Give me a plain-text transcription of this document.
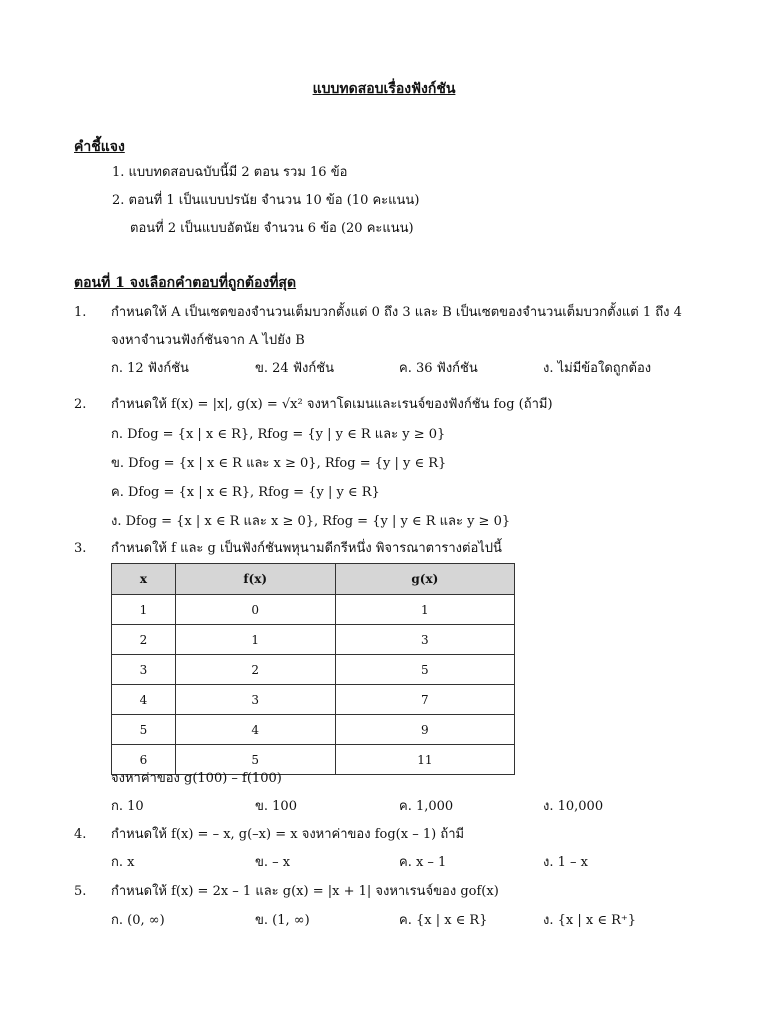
แบบทดสอบเรื่องฟังก์ชัน
คำชี้แจง
1. แบบทดสอบฉบับนี้มี 2 ตอน รวม 16 ข้อ
2. ตอนที่ 1 เป็นแบบปรนัย จำนวน 10 ข้อ (10 คะแนน)
ตอนที่ 2 เป็นแบบอัตนัย จำนวน 6 ข้อ (20 คะแนน)
ตอนที่ 1 จงเลือกคำตอบที่ถูกต้องที่สุด
1.	กำหนดให้ A เป็นเซตของจำนวนเต็มบวกตั้งแต่ 0 ถึง 3 และ B เป็นเซตของจำนวนเต็มบวกตั้งแต่ 1 ถึง 4
จงหาจำนวนฟังก์ชันจาก A ไปยัง B
ก. 12 ฟังก์ชัน	ข. 24 ฟังก์ชัน	ค. 36 ฟังก์ชัน	ง. ไม่มีข้อใดถูกต้อง
2.	กำหนดให้ f(x) = |x|, g(x) = √x² จงหาโดเมนและเรนจ์ของฟังก์ชัน fog (ถ้ามี)
ก. Dfog = {x | x ∈ R}, Rfog = {y | y ∈ R และ y ≥ 0}
ข. Dfog = {x | x ∈ R และ x ≥ 0}, Rfog = {y | y ∈ R}
ค. Dfog = {x | x ∈ R}, Rfog = {y | y ∈ R}
ง. Dfog = {x | x ∈ R และ x ≥ 0}, Rfog = {y | y ∈ R และ y ≥ 0}
3.	กำหนดให้ f และ g เป็นฟังก์ชันพหุนามดีกรีหนึ่ง พิจารณาตารางต่อไปนี้
x	f(x)	g(x)
1	0	1
2	1	3
3	2	5
4	3	7
5	4	9
6	5	11
จงหาค่าของ g(100) – f(100)
ก. 10	ข. 100	ค. 1,000	ง. 10,000
4.	กำหนดให้ f(x) = – x, g(–x) = x จงหาค่าของ fog(x – 1) ถ้ามี
ก. x	ข. – x	ค. x – 1	ง. 1 – x
5.	กำหนดให้ f(x) = 2x – 1 และ g(x) = |x + 1| จงหาเรนจ์ของ gof(x)
ก. (0, ∞)	ข. (1, ∞)	ค. {x | x ∈ R}	ง. {x | x ∈ R⁺}
